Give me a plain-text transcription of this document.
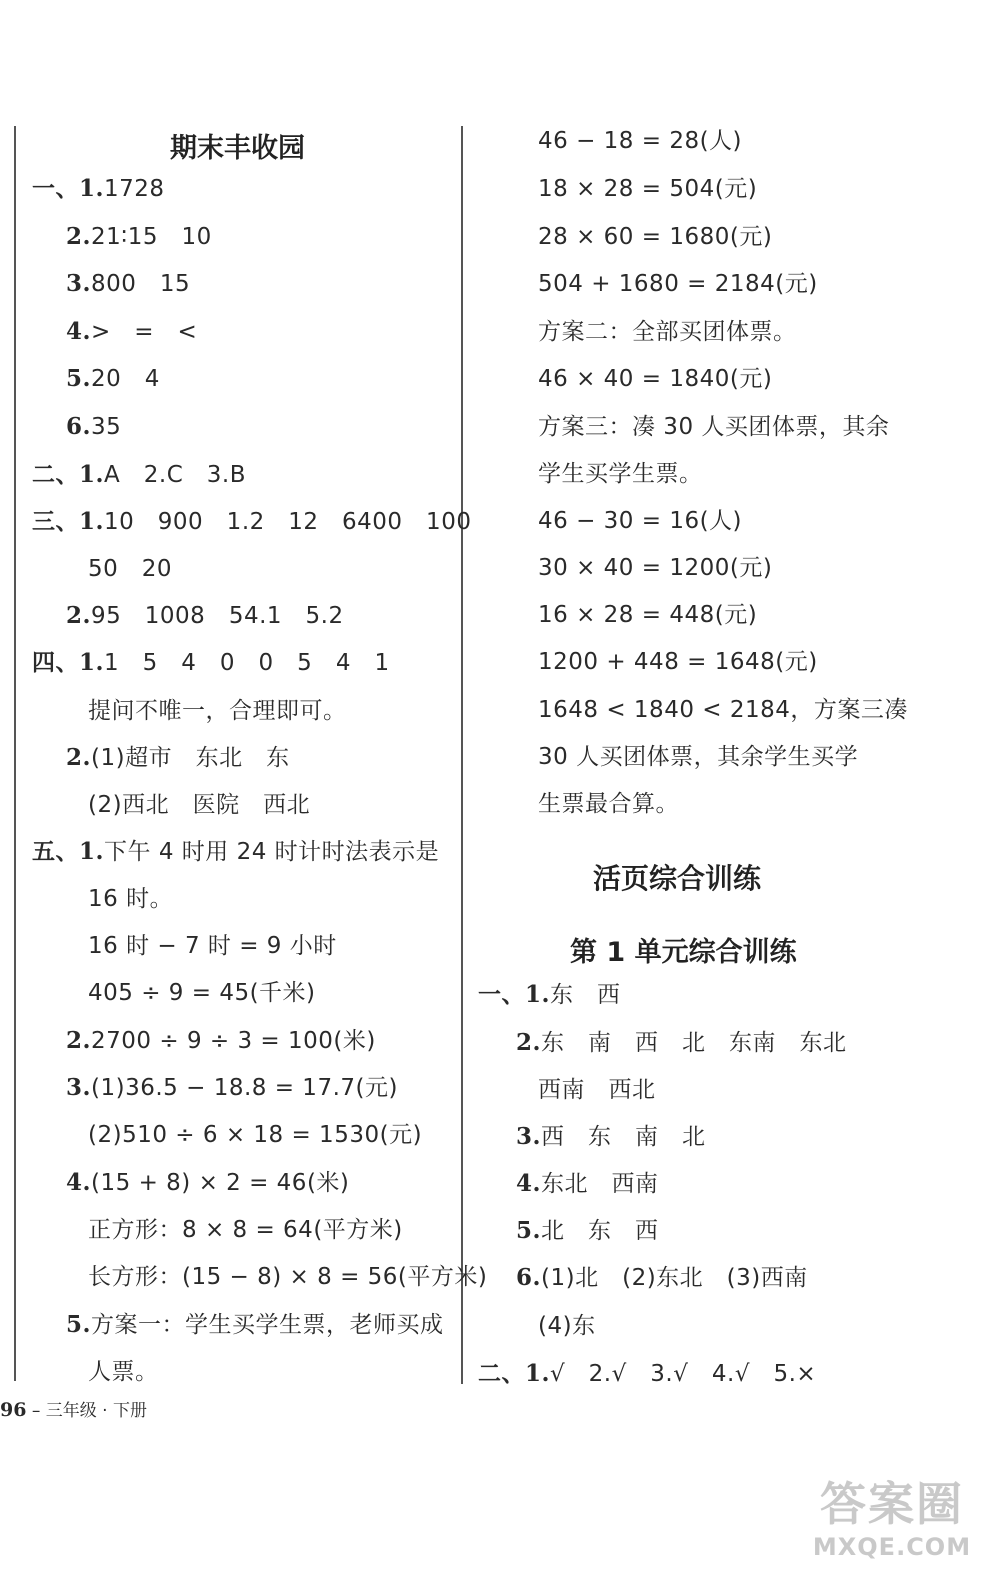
期末丰收园
一、1.1728
2.21∶15　10
3.800　15
4.>　=　<
5.20　4
6.35
二、1.A　2.C　3.B
三、1.10　900　1.2　12　6400　100
50　20
2.95　1008　54.1　5.2
四、1.1　5　4　0　0　5　4　1
提问不唯一，合理即可。
2.(1)超市　东北　东
(2)西北　医院　西北
五、1.下午 4 时用 24 时计时法表示是
16 时。
16 时 − 7 时 = 9 小时
405 ÷ 9 = 45(千米)
2.2700 ÷ 9 ÷ 3 = 100(米)
3.(1)36.5 − 18.8 = 17.7(元)
(2)510 ÷ 6 × 18 = 1530(元)
4.(15 + 8) × 2 = 46(米)
正方形：8 × 8 = 64(平方米)
长方形：(15 − 8) × 8 = 56(平方米)
5.方案一：学生买学生票，老师买成
人票。
活页综合训练
第 1 单元综合训练
46 − 18 = 28(人)
18 × 28 = 504(元)
28 × 60 = 1680(元)
504 + 1680 = 2184(元)
方案二：全部买团体票。
46 × 40 = 1840(元)
方案三：凑 30 人买团体票，其余
学生买学生票。
46 − 30 = 16(人)
30 × 40 = 1200(元)
16 × 28 = 448(元)
1200 + 448 = 1648(元)
1648 < 1840 < 2184，方案三凑
30 人买团体票，其余学生买学
生票最合算。
一、1.东　西
2.东　南　西　北　东南　东北
西南　西北
3.西　东　南　北
4.东北　西南
5.北　东　西
6.(1)北　(2)东北　(3)西南
(4)东
二、1.√　2.√　3.√　4.√　5.×
96 – 三年级 · 下册
答案圈
MXQE.COM
